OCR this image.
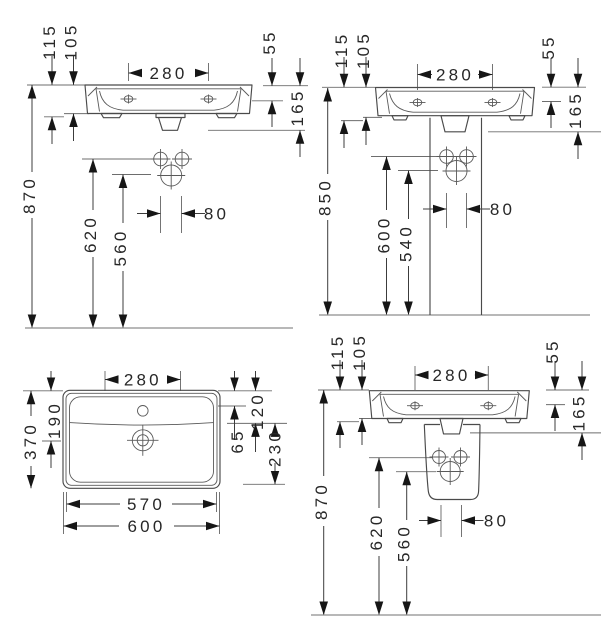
115 105
280
55
165
870
620 560
80
115 105
280
55
165
850
600 540
80
280
370
190	120
65 230
570
600
115 105
280
55
165
870
620 560
80
